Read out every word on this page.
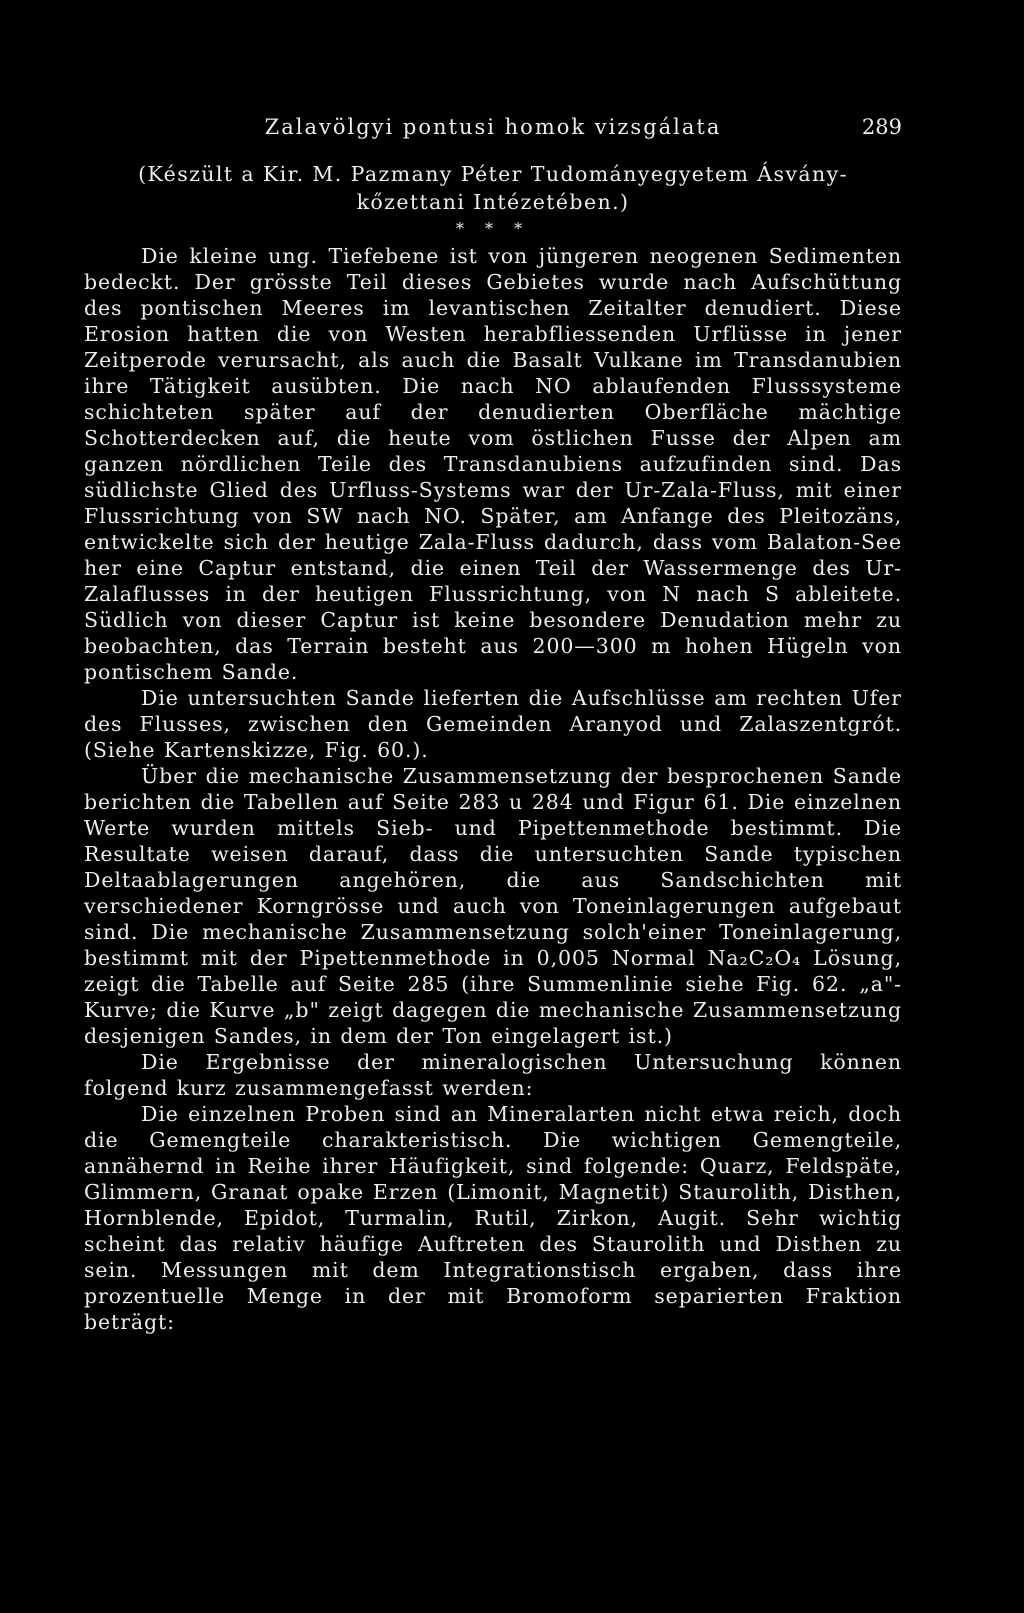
Zalavölgyi pontusi homok vizsgálata	289
(Készült a Kir. M. Pazmany Péter Tudományegyetem Ásvány-kőzettani Intézetében.)
* * *

Die kleine ung. Tiefebene ist von jüngeren neogenen Sedimenten bedeckt. Der grösste Teil dieses Gebietes wurde nach Aufschüttung des pontischen Meeres im levantischen Zeitalter denudiert. Diese Erosion hatten die von Westen herabfliessenden Urflüsse in jener Zeitperode verursacht, als auch die Basalt Vulkane im Transdanubien ihre Tätigkeit ausübten. Die nach NO ablaufenden Flusssysteme schichteten später auf der denudierten Oberfläche mächtige Schotterdecken auf, die heute vom östlichen Fusse der Alpen am ganzen nördlichen Teile des Transdanubiens aufzufinden sind. Das südlichste Glied des Urfluss-Systems war der Ur-Zala-Fluss, mit einer Flussrichtung von SW nach NO. Später, am Anfange des Pleitozäns, entwickelte sich der heutige Zala-Fluss dadurch, dass vom Balaton-See her eine Captur entstand, die einen Teil der Wassermenge des Ur-Zalaflusses in der heutigen Flussrichtung, von N nach S ableitete. Südlich von dieser Captur ist keine besondere Denudation mehr zu beobachten, das Terrain besteht aus 200—300 m hohen Hügeln von pontischem Sande.

Die untersuchten Sande lieferten die Aufschlüsse am rechten Ufer des Flusses, zwischen den Gemeinden Aranyod und Zalaszentgrót. (Siehe Kartenskizze, Fig. 60.).

Über die mechanische Zusammensetzung der besprochenen Sande berichten die Tabellen auf Seite 283 u 284 und Figur 61. Die einzelnen Werte wurden mittels Sieb- und Pipettenmethode bestimmt. Die Resultate weisen darauf, dass die untersuchten Sande typischen Deltaablagerungen angehören, die aus Sandschichten mit verschiedener Korngrösse und auch von Toneinlagerungen aufgebaut sind. Die mechanische Zusammensetzung solch'einer Toneinlagerung, bestimmt mit der Pipettenmethode in 0,005 Normal Na₂C₂O₄ Lösung, zeigt die Tabelle auf Seite 285 (ihre Summenlinie siehe Fig. 62. „a"-Kurve; die Kurve „b" zeigt dagegen die mechanische Zusammensetzung desjenigen Sandes, in dem der Ton eingelagert ist.)

Die Ergebnisse der mineralogischen Untersuchung können folgend kurz zusammengefasst werden:

Die einzelnen Proben sind an Mineralarten nicht etwa reich, doch die Gemengteile charakteristisch. Die wichtigen Gemengteile, annähernd in Reihe ihrer Häufigkeit, sind folgende: Quarz, Feldspäte, Glimmern, Granat opake Erzen (Limonit, Magnetit) Staurolith, Disthen, Hornblende, Epidot, Turmalin, Rutil, Zirkon, Augit. Sehr wichtig scheint das relativ häufige Auftreten des Staurolith und Disthen zu sein. Messungen mit dem Integrationstisch ergaben, dass ihre prozentuelle Menge in der mit Bromoform separierten Fraktion beträgt:
